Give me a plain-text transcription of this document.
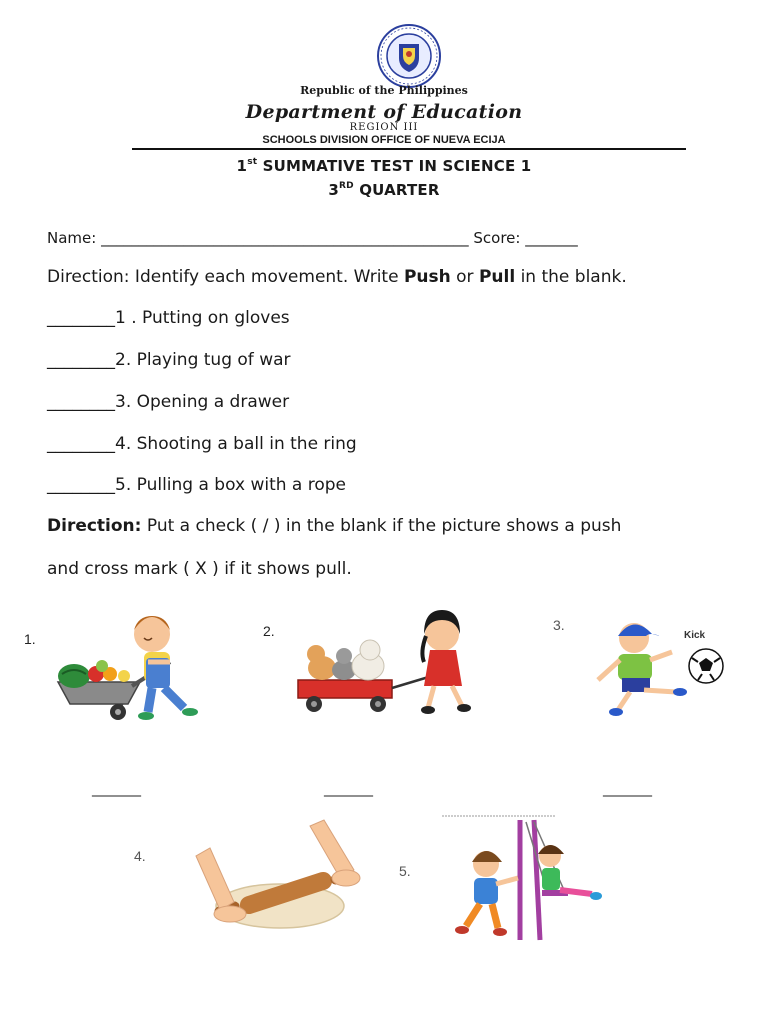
Republic of the Philippines
Department of Education
REGION III
SCHOOLS DIVISION OFFICE OF NUEVA ECIJA
1st SUMMATIVE TEST IN SCIENCE 1
3RD QUARTER
Name: _________________________________________________ Score: _______
Direction: Identify each movement. Write Push or Pull in the blank.
________1 . Putting on gloves
________2. Playing tug of war
________3. Opening a drawer
________4. Shooting a ball in the ring
________5. Pulling a box with a rope
Direction: Put a check ( / ) in the blank if the picture shows a push
and cross mark ( X ) if it shows pull.
1.	2.	3.
4.
5.
Kick
_______	_______	_______
